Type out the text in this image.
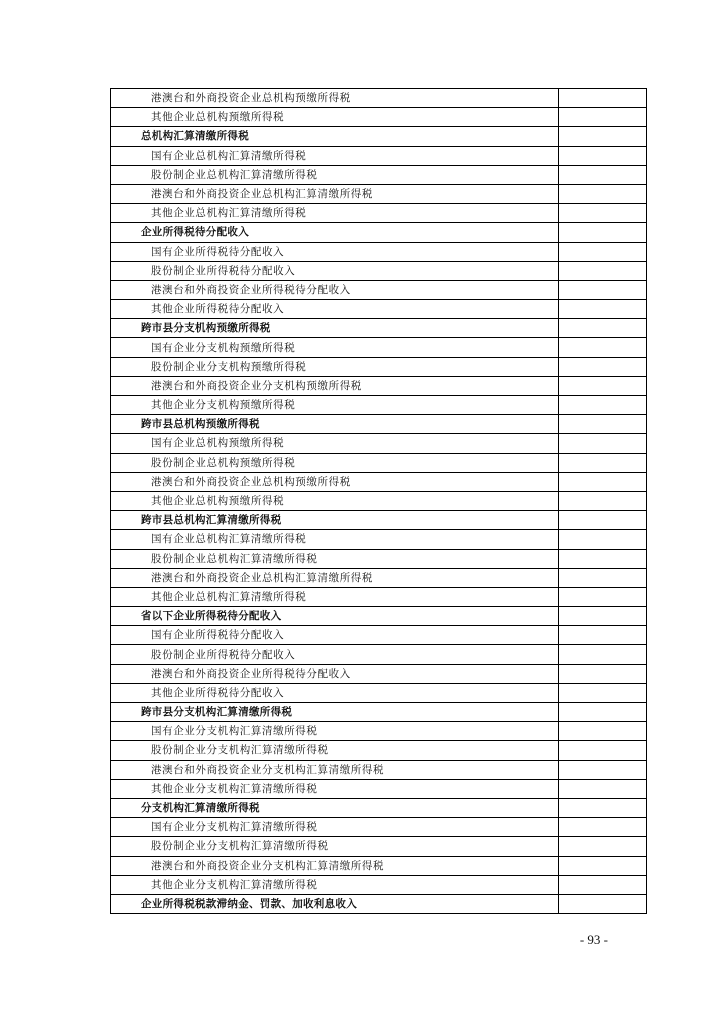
港澳台和外商投资企业总机构预缴所得税	
其他企业总机构预缴所得税	
总机构汇算清缴所得税	
国有企业总机构汇算清缴所得税	
股份制企业总机构汇算清缴所得税	
港澳台和外商投资企业总机构汇算清缴所得税	
其他企业总机构汇算清缴所得税	
企业所得税待分配收入	
国有企业所得税待分配收入	
股份制企业所得税待分配收入	
港澳台和外商投资企业所得税待分配收入	
其他企业所得税待分配收入	
跨市县分支机构预缴所得税	
国有企业分支机构预缴所得税	
股份制企业分支机构预缴所得税	
港澳台和外商投资企业分支机构预缴所得税	
其他企业分支机构预缴所得税	
跨市县总机构预缴所得税	
国有企业总机构预缴所得税	
股份制企业总机构预缴所得税	
港澳台和外商投资企业总机构预缴所得税	
其他企业总机构预缴所得税	
跨市县总机构汇算清缴所得税	
国有企业总机构汇算清缴所得税	
股份制企业总机构汇算清缴所得税	
港澳台和外商投资企业总机构汇算清缴所得税	
其他企业总机构汇算清缴所得税	
省以下企业所得税待分配收入	
国有企业所得税待分配收入	
股份制企业所得税待分配收入	
港澳台和外商投资企业所得税待分配收入	
其他企业所得税待分配收入	
跨市县分支机构汇算清缴所得税	
国有企业分支机构汇算清缴所得税	
股份制企业分支机构汇算清缴所得税	
港澳台和外商投资企业分支机构汇算清缴所得税	
其他企业分支机构汇算清缴所得税	
分支机构汇算清缴所得税	
国有企业分支机构汇算清缴所得税	
股份制企业分支机构汇算清缴所得税	
港澳台和外商投资企业分支机构汇算清缴所得税	
其他企业分支机构汇算清缴所得税	
企业所得税税款滞纳金、罚款、加收利息收入	
- 93 -
